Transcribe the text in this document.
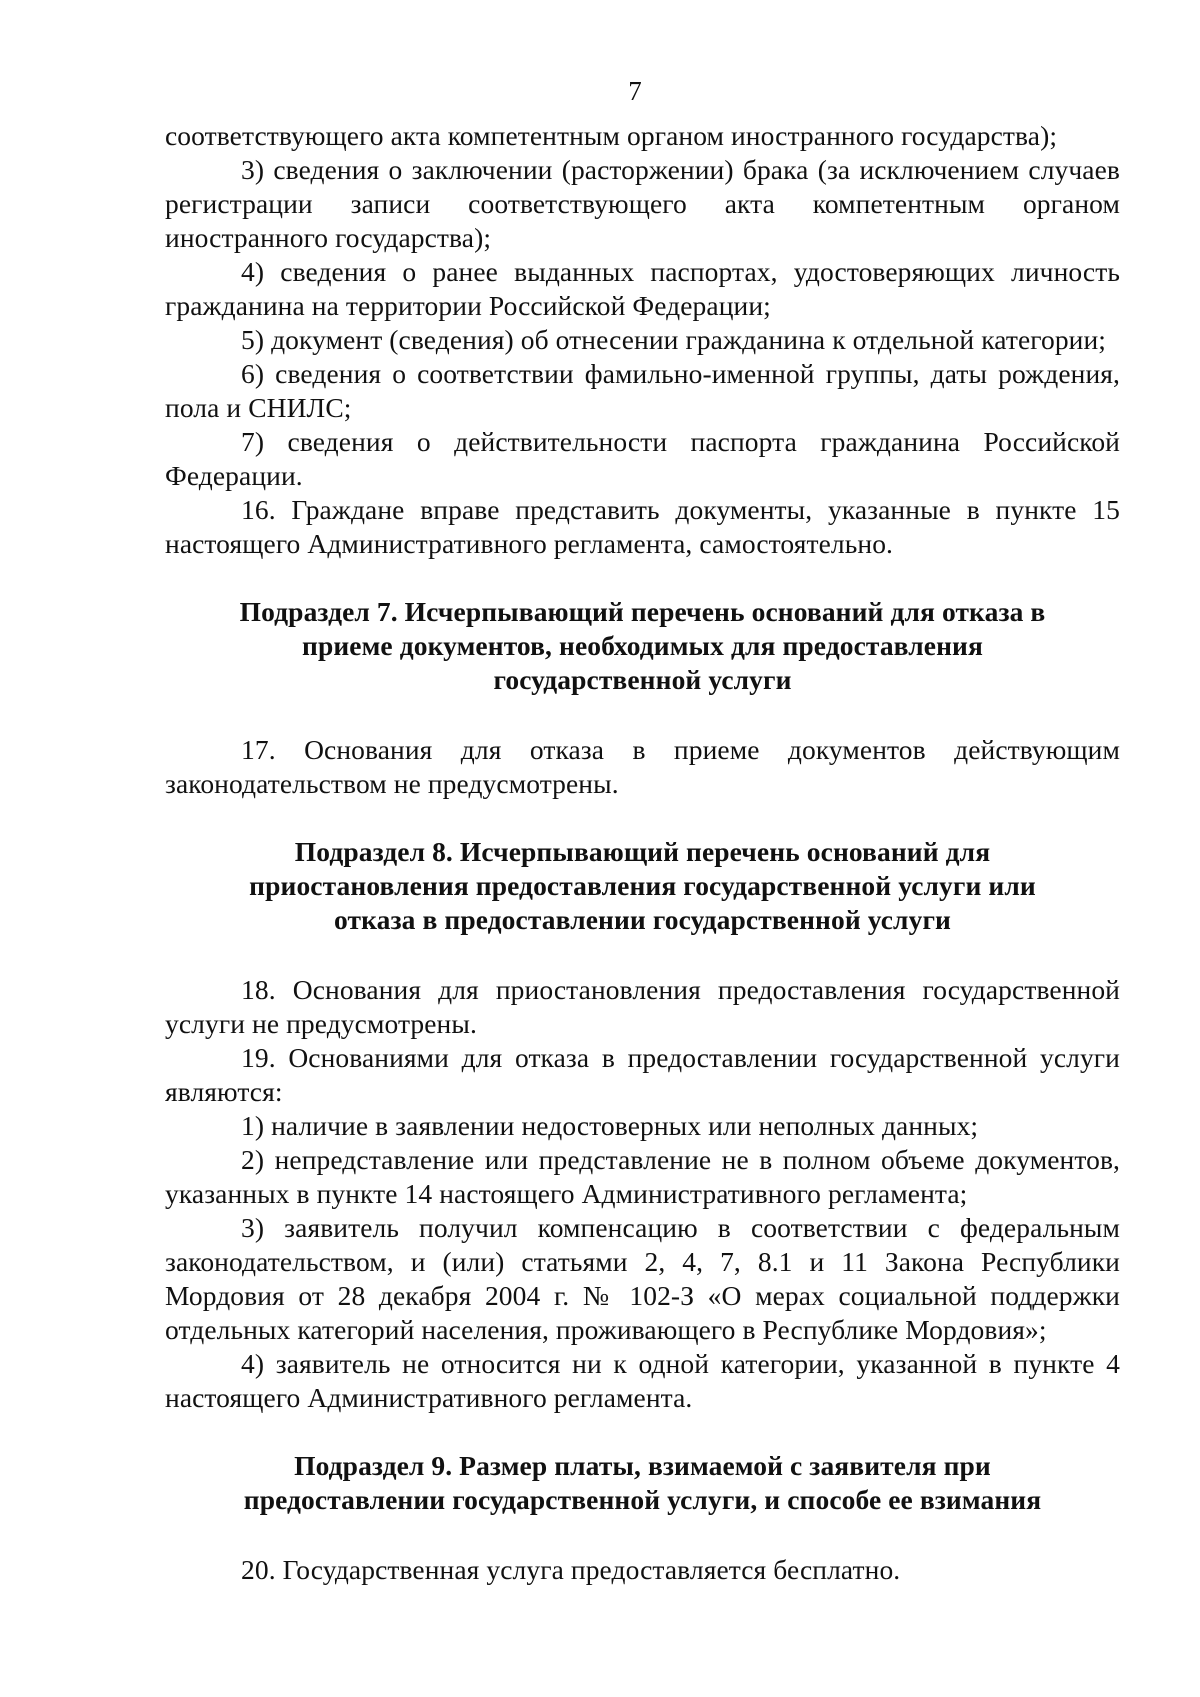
7

соответствующего акта компетентным органом иностранного государства);

3) сведения о заключении (расторжении) брака (за исключением случаев регистрации записи соответствующего акта компетентным органом иностранного государства);

4) сведения о ранее выданных паспортах, удостоверяющих личность гражданина на территории Российской Федерации;

5) документ (сведения) об отнесении гражданина к отдельной категории;

6) сведения о соответствии фамильно-именной группы, даты рождения, пола и СНИЛС;

7) сведения о действительности паспорта гражданина Российской Федерации.

16. Граждане вправе представить документы, указанные в пункте 15 настоящего Административного регламента, самостоятельно.

Подраздел 7. Исчерпывающий перечень оснований для отказа в приеме документов, необходимых для предоставления государственной услуги

17. Основания для отказа в приеме документов действующим законодательством не предусмотрены.

Подраздел 8. Исчерпывающий перечень оснований для приостановления предоставления государственной услуги или отказа в предоставлении государственной услуги

18. Основания для приостановления предоставления государственной услуги не предусмотрены.

19. Основаниями для отказа в предоставлении государственной услуги являются:

1) наличие в заявлении недостоверных или неполных данных;

2) непредставление или представление не в полном объеме документов, указанных в пункте 14 настоящего Административного регламента;

3) заявитель получил компенсацию в соответствии с федеральным законодательством, и (или) статьями 2, 4, 7, 8.1 и 11 Закона Республики Мордовия от 28 декабря 2004 г. № 102-З «О мерах социальной поддержки отдельных категорий населения, проживающего в Республике Мордовия»;

4) заявитель не относится ни к одной категории, указанной в пункте 4 настоящего Административного регламента.

Подраздел 9. Размер платы, взимаемой с заявителя при предоставлении государственной услуги, и способе ее взимания

20. Государственная услуга предоставляется бесплатно.
